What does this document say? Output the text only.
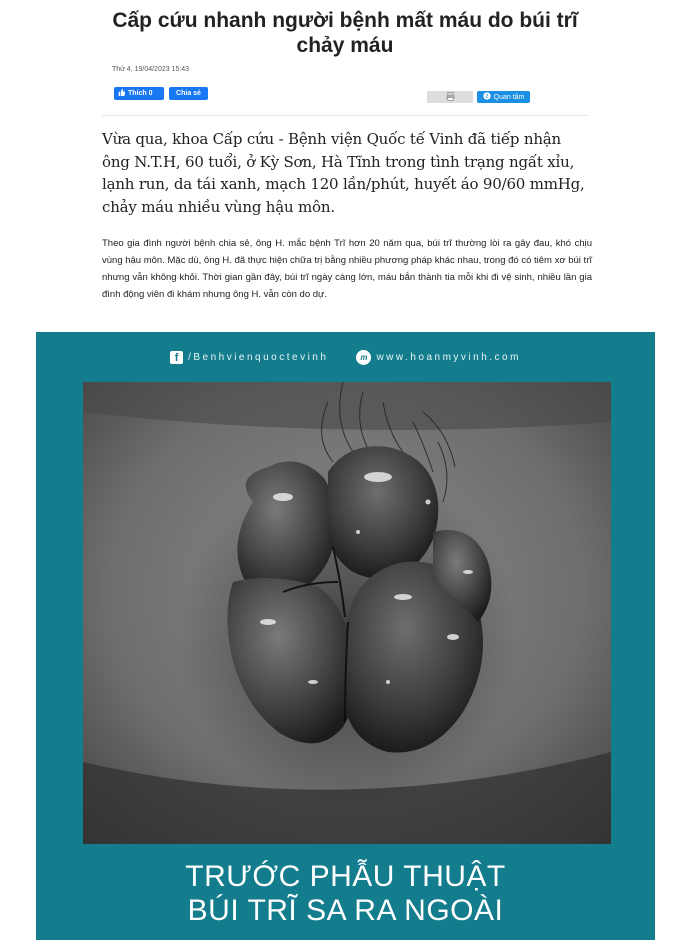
Cấp cứu nhanh người bệnh mất máu do búi trĩ chảy máu
Thứ 4, 19/04/2023 15:43
Thích 0	Chia sẻ	Z Quan tâm

Vừa qua, khoa Cấp cứu - Bệnh viện Quốc tế Vinh đã tiếp nhận ông N.T.H, 60 tuổi, ở Kỳ Sơn, Hà Tĩnh trong tình trạng ngất xỉu, lạnh run, da tái xanh, mạch 120 lần/phút, huyết áo 90/60 mmHg, chảy máu nhiều vùng hậu môn.

Theo gia đình người bệnh chia sẻ, ông H. mắc bệnh Trĩ hơn 20 năm qua, búi trĩ thường lòi ra gây đau, khó chịu vùng hậu môn. Mặc dù, ông H. đã thực hiện chữa trị bằng nhiều phương pháp khác nhau, trong đó có tiêm xơ búi trĩ nhưng vẫn không khỏi. Thời gian gần đây, búi trĩ ngày càng lớn, máu bắn thành tia mỗi khi đi vệ sinh, nhiều lần gia đình động viên đi khám nhưng ông H. vẫn còn do dự.

f /Benhvienquoctevinh	m www.hoanmyvinh.com
TRƯỚC PHẪU THUẬT
BÚI TRĨ SA RA NGOÀI
